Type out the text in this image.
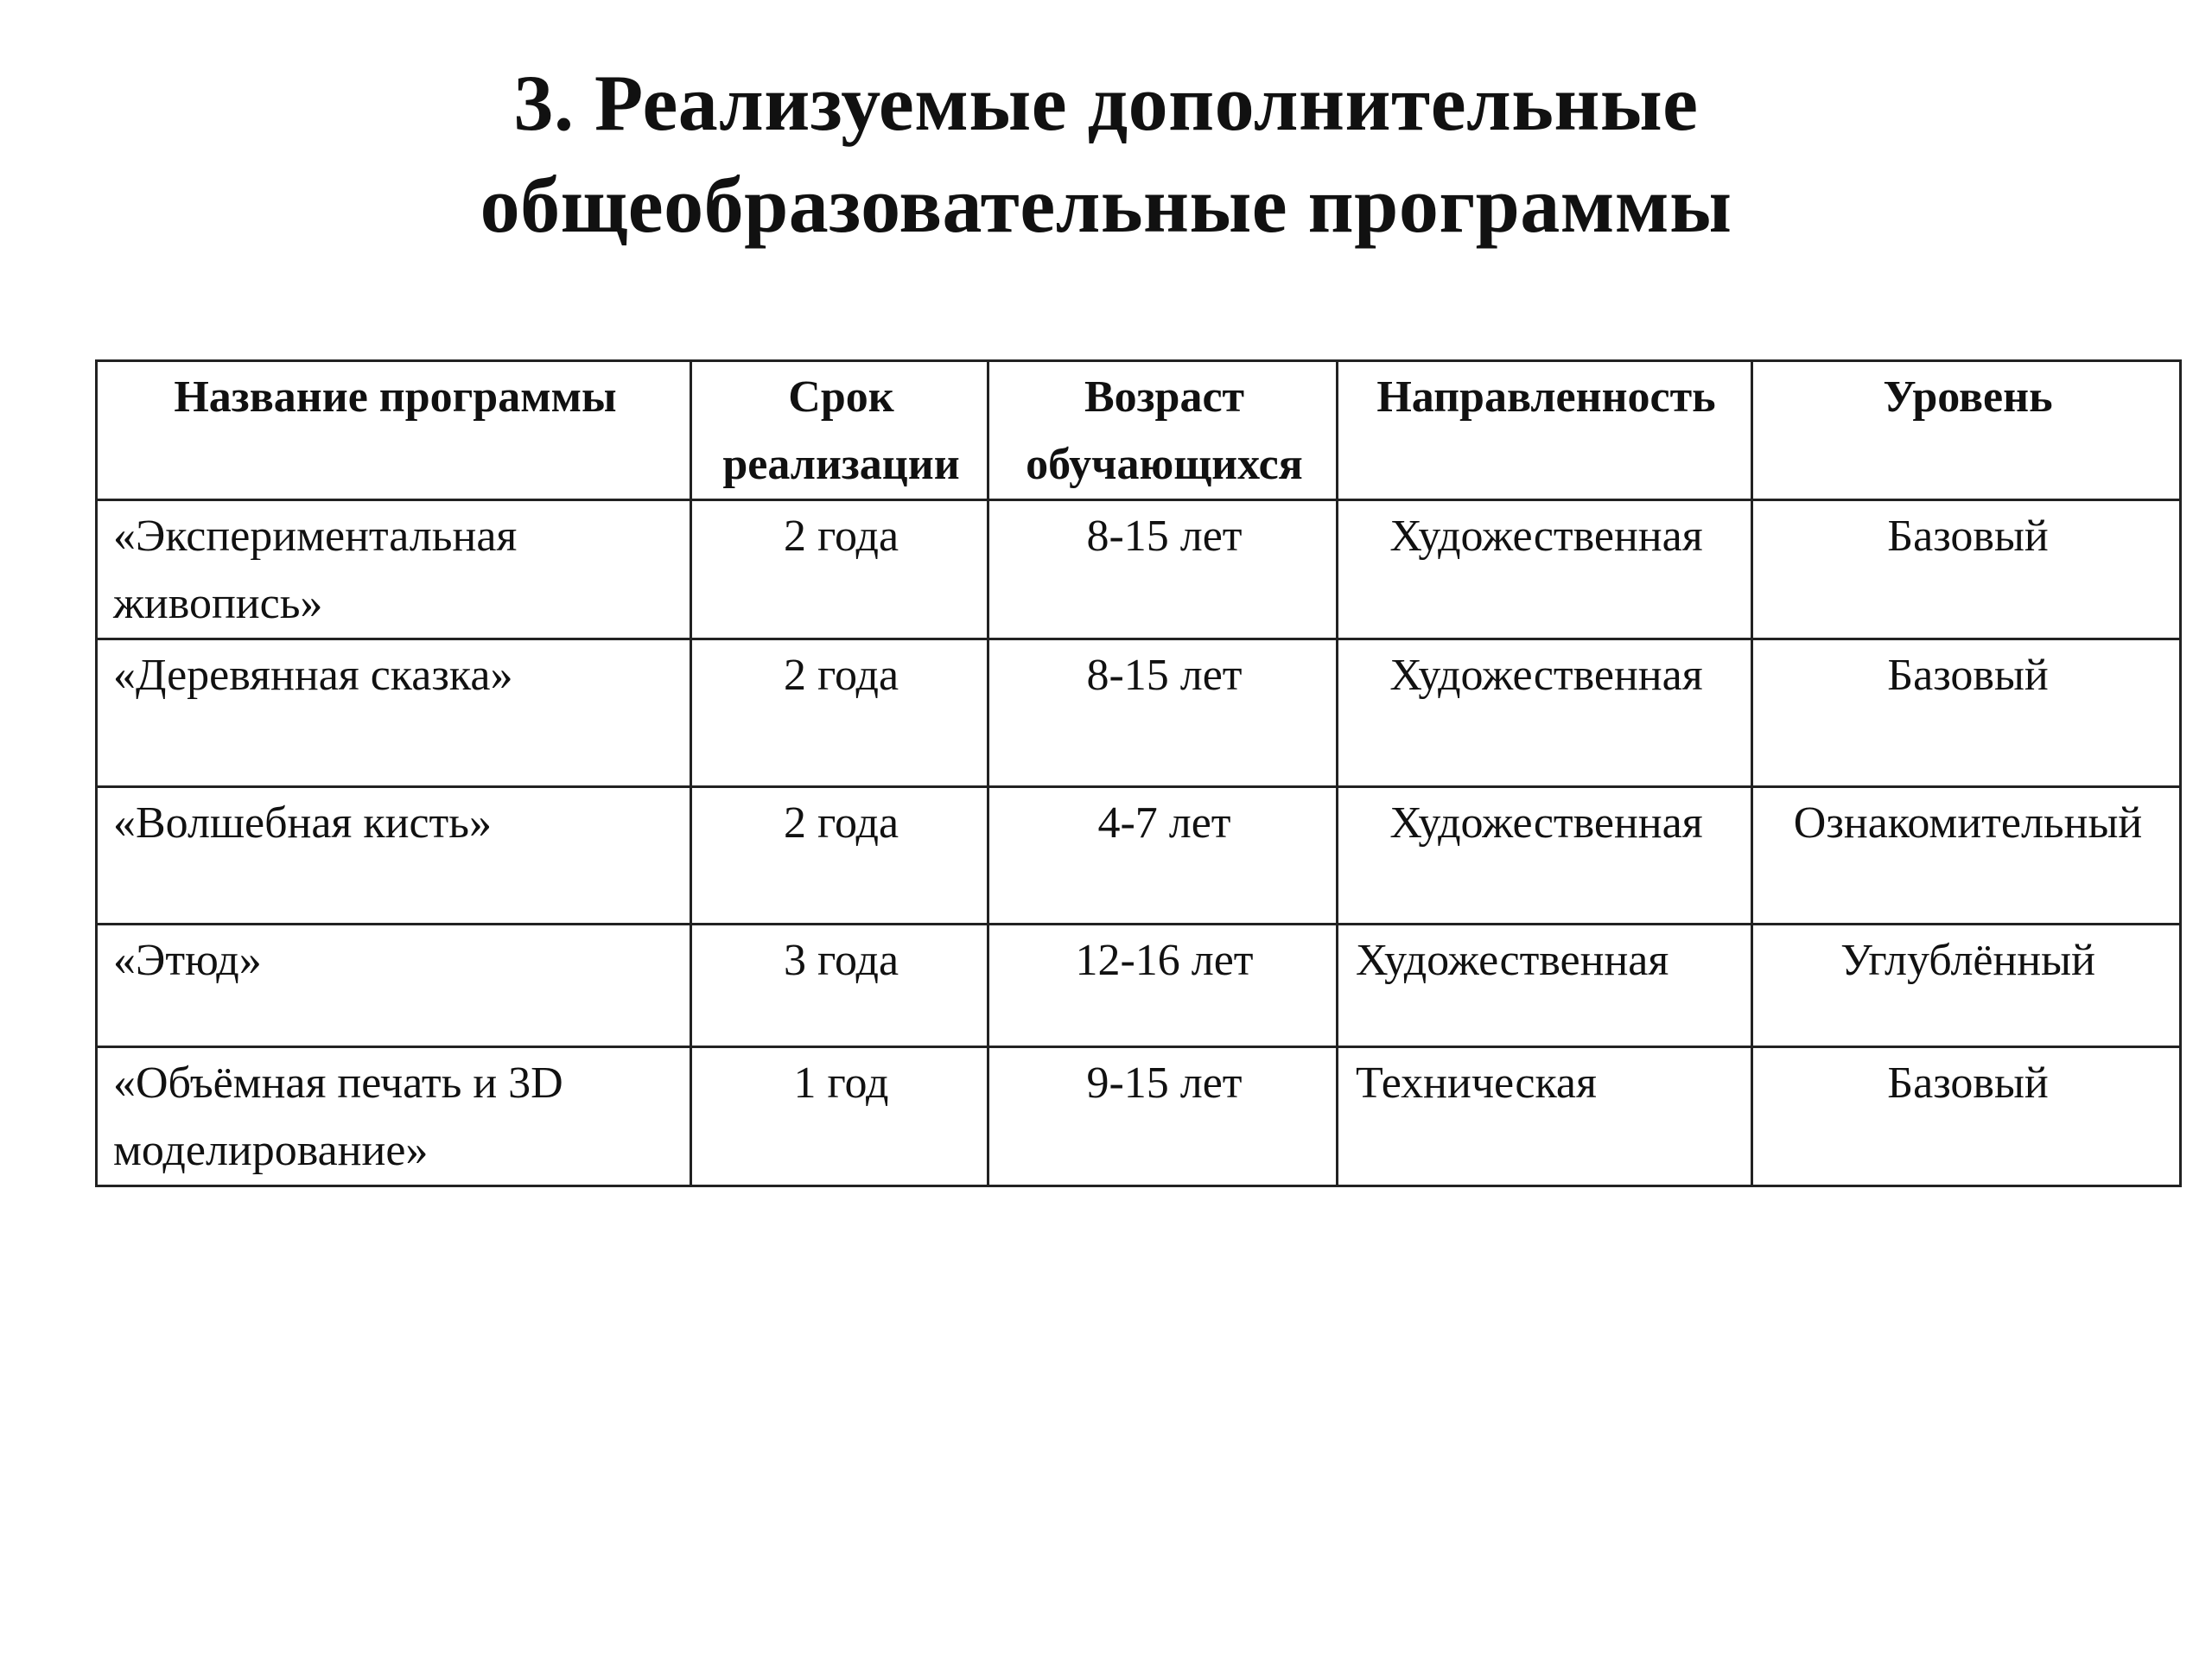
3. Реализуемые дополнительные
общеобразовательные программы
Название программы	Срок реализации	Возраст обучающихся	Направленность	Уровень
«Экспериментальная живопись»	2 года	8-15 лет	Художественная	Базовый
«Деревянная сказка»	2 года	8-15 лет	Художественная	Базовый
«Волшебная кисть»	2 года	4-7 лет	Художественная	Ознакомительный
«Этюд»	3 года	12-16 лет	Художественная	Углублённый
«Объёмная печать и 3D моделирование»	1 год	9-15 лет	Техническая	Базовый
